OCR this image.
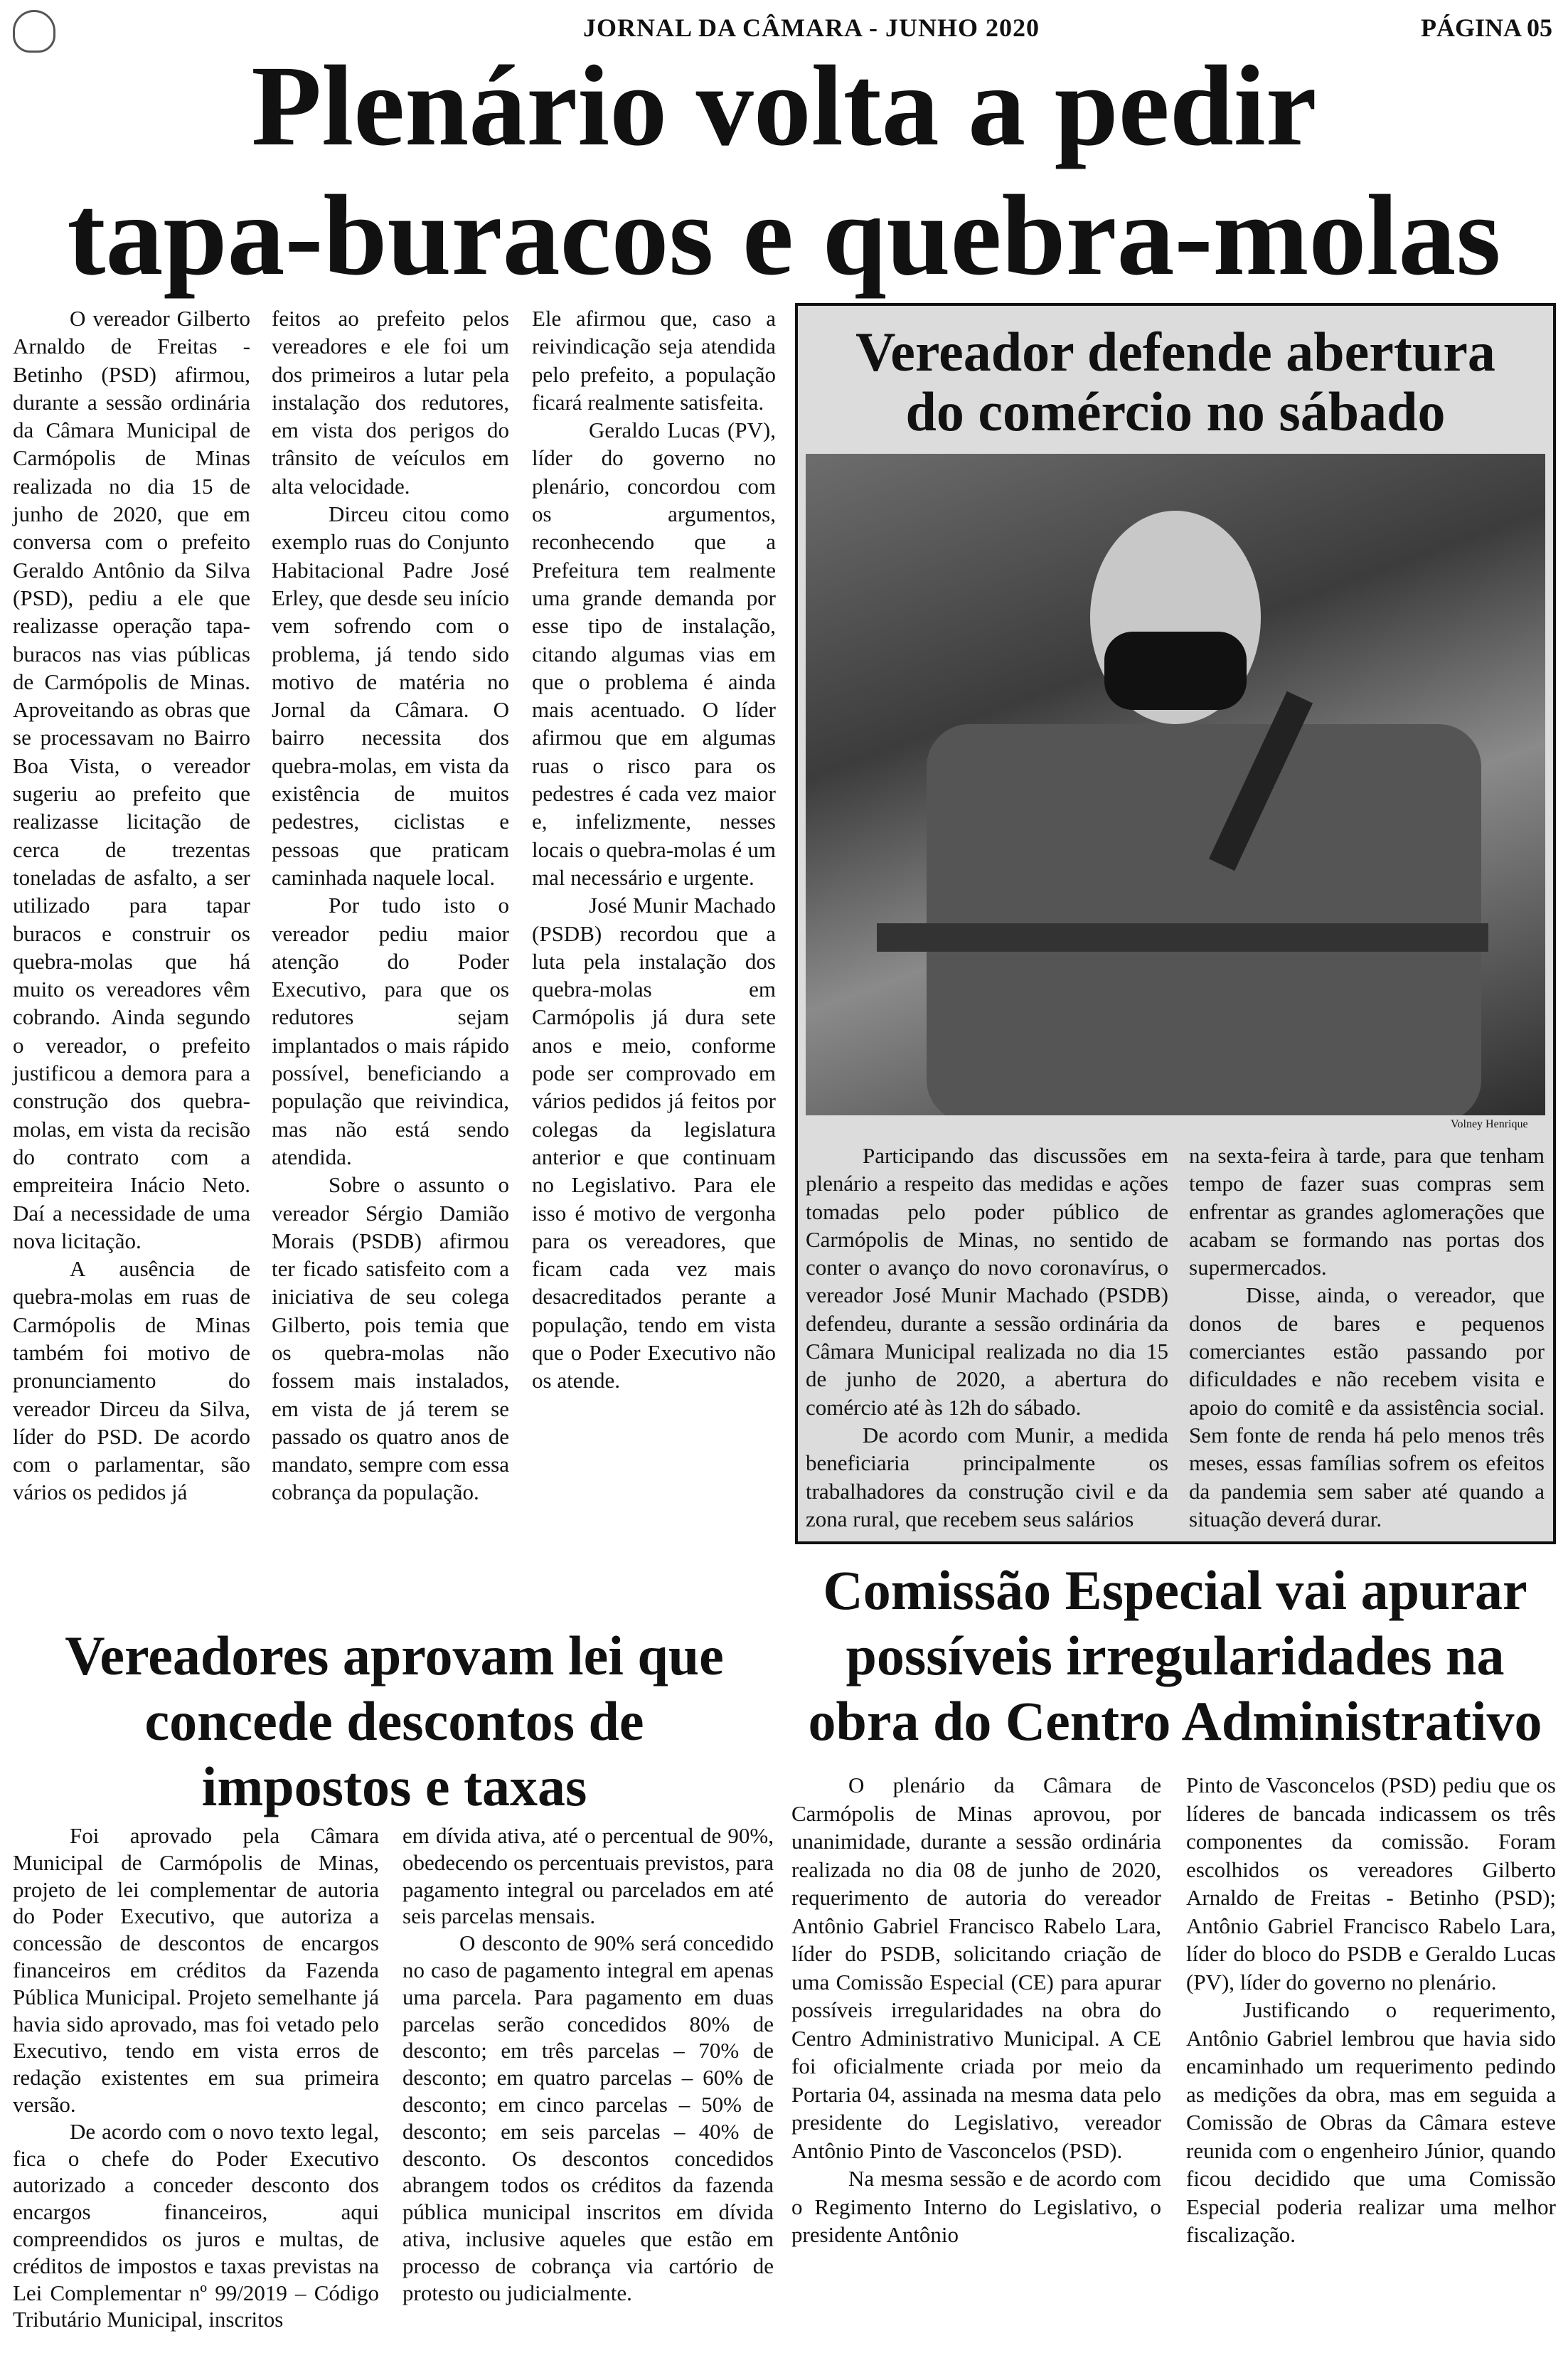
JORNAL DA CÂMARA - JUNHO 2020	PÁGINA 05
Plenário volta a pedir
tapa-buracos e quebra-molas

O vereador Gilberto Arnaldo de Freitas - Betinho (PSD) afirmou, durante a sessão ordinária da Câmara Municipal de Carmópolis de Minas realizada no dia 15 de junho de 2020, que em conversa com o prefeito Geraldo Antônio da Silva (PSD), pediu a ele que realizasse operação tapa-buracos nas vias públicas de Carmópolis de Minas. Aproveitando as obras que se processavam no Bairro Boa Vista, o vereador sugeriu ao prefeito que realizasse licitação de cerca de trezentas toneladas de asfalto, a ser utilizado para tapar buracos e construir os quebra-molas que há muito os vereadores vêm cobrando. Ainda segundo o vereador, o prefeito justificou a demora para a construção dos quebra-molas, em vista da recisão do contrato com a empreiteira Inácio Neto. Daí a necessidade de uma nova licitação.

A ausência de quebra-molas em ruas de Carmópolis de Minas também foi motivo de pronunciamento do vereador Dirceu da Silva, líder do PSD. De acordo com o parlamentar, são vários os pedidos já

feitos ao prefeito pelos vereadores e ele foi um dos primeiros a lutar pela instalação dos redutores, em vista dos perigos do trânsito de veículos em alta velocidade.

Dirceu citou como exemplo ruas do Conjunto Habitacional Padre José Erley, que desde seu início vem sofrendo com o problema, já tendo sido motivo de matéria no Jornal da Câmara. O bairro necessita dos quebra-molas, em vista da existência de muitos pedestres, ciclistas e pessoas que praticam caminhada naquele local.

Por tudo isto o vereador pediu maior atenção do Poder Executivo, para que os redutores sejam implantados o mais rápido possível, beneficiando a população que reivindica, mas não está sendo atendida.

Sobre o assunto o vereador Sérgio Damião Morais (PSDB) afirmou ter ficado satisfeito com a iniciativa de seu colega Gilberto, pois temia que os quebra-molas não fossem mais instalados, em vista de já terem se passado os quatro anos de mandato, sempre com essa cobrança da população.

Ele afirmou que, caso a reivindicação seja atendida pelo prefeito, a população ficará realmente satisfeita.

Geraldo Lucas (PV), líder do governo no plenário, concordou com os argumentos, reconhecendo que a Prefeitura tem realmente uma grande demanda por esse tipo de instalação, citando algumas vias em que o problema é ainda mais acentuado. O líder afirmou que em algumas ruas o risco para os pedestres é cada vez maior e, infelizmente, nesses locais o quebra-molas é um mal necessário e urgente.

José Munir Machado (PSDB) recordou que a luta pela instalação dos quebra-molas em Carmópolis já dura sete anos e meio, conforme pode ser comprovado em vários pedidos já feitos por colegas da legislatura anterior e que continuam no Legislativo. Para ele isso é motivo de vergonha para os vereadores, que ficam cada vez mais desacreditados perante a população, tendo em vista que o Poder Executivo não os atende.

Vereador defende abertura
do comércio no sábado
Volney Henrique

Participando das discussões em plenário a respeito das medidas e ações tomadas pelo poder público de Carmópolis de Minas, no sentido de conter o avanço do novo coronavírus, o vereador José Munir Machado (PSDB) defendeu, durante a sessão ordinária da Câmara Municipal realizada no dia 15 de junho de 2020, a abertura do comércio até às 12h do sábado.

De acordo com Munir, a medida beneficiaria principalmente os trabalhadores da construção civil e da zona rural, que recebem seus salários

na sexta-feira à tarde, para que tenham tempo de fazer suas compras sem enfrentar as grandes aglomerações que acabam se formando nas portas dos supermercados.

Disse, ainda, o vereador, que donos de bares e pequenos comerciantes estão passando por dificuldades e não recebem visita e apoio do comitê e da assistência social. Sem fonte de renda há pelo menos três meses, essas famílias sofrem os efeitos da pandemia sem saber até quando a situação deverá durar.

Vereadores aprovam lei que
concede descontos de
impostos e taxas

Foi aprovado pela Câmara Municipal de Carmópolis de Minas, projeto de lei complementar de autoria do Poder Executivo, que autoriza a concessão de descontos de encargos financeiros em créditos da Fazenda Pública Municipal. Projeto semelhante já havia sido aprovado, mas foi vetado pelo Executivo, tendo em vista erros de redação existentes em sua primeira versão.

De acordo com o novo texto legal, fica o chefe do Poder Executivo autorizado a conceder desconto dos encargos financeiros, aqui compreendidos os juros e multas, de créditos de impostos e taxas previstas na Lei Complementar nº 99/2019 – Código Tributário Municipal, inscritos

em dívida ativa, até o percentual de 90%, obedecendo os percentuais previstos, para pagamento integral ou parcelados em até seis parcelas mensais.

O desconto de 90% será concedido no caso de pagamento integral em apenas uma parcela. Para pagamento em duas parcelas serão concedidos 80% de desconto; em três parcelas – 70% de desconto; em quatro parcelas – 60% de desconto; em cinco parcelas – 50% de desconto; em seis parcelas – 40% de desconto. Os descontos concedidos abrangem todos os créditos da fazenda pública municipal inscritos em dívida ativa, inclusive aqueles que estão em processo de cobrança via cartório de protesto ou judicialmente.

Comissão Especial vai apurar
possíveis irregularidades na
obra do Centro Administrativo

O plenário da Câmara de Carmópolis de Minas aprovou, por unanimidade, durante a sessão ordinária realizada no dia 08 de junho de 2020, requerimento de autoria do vereador Antônio Gabriel Francisco Rabelo Lara, líder do PSDB, solicitando criação de uma Comissão Especial (CE) para apurar possíveis irregularidades na obra do Centro Administrativo Municipal. A CE foi oficialmente criada por meio da Portaria 04, assinada na mesma data pelo presidente do Legislativo, vereador Antônio Pinto de Vasconcelos (PSD).

Na mesma sessão e de acordo com o Regimento Interno do Legislativo, o presidente Antônio

Pinto de Vasconcelos (PSD) pediu que os líderes de bancada indicassem os três componentes da comissão. Foram escolhidos os vereadores Gilberto Arnaldo de Freitas - Betinho (PSD); Antônio Gabriel Francisco Rabelo Lara, líder do bloco do PSDB e Geraldo Lucas (PV), líder do governo no plenário.

Justificando o requerimento, Antônio Gabriel lembrou que havia sido encaminhado um requerimento pedindo as medições da obra, mas em seguida a Comissão de Obras da Câmara esteve reunida com o engenheiro Júnior, quando ficou decidido que uma Comissão Especial poderia realizar uma melhor fiscalização.
